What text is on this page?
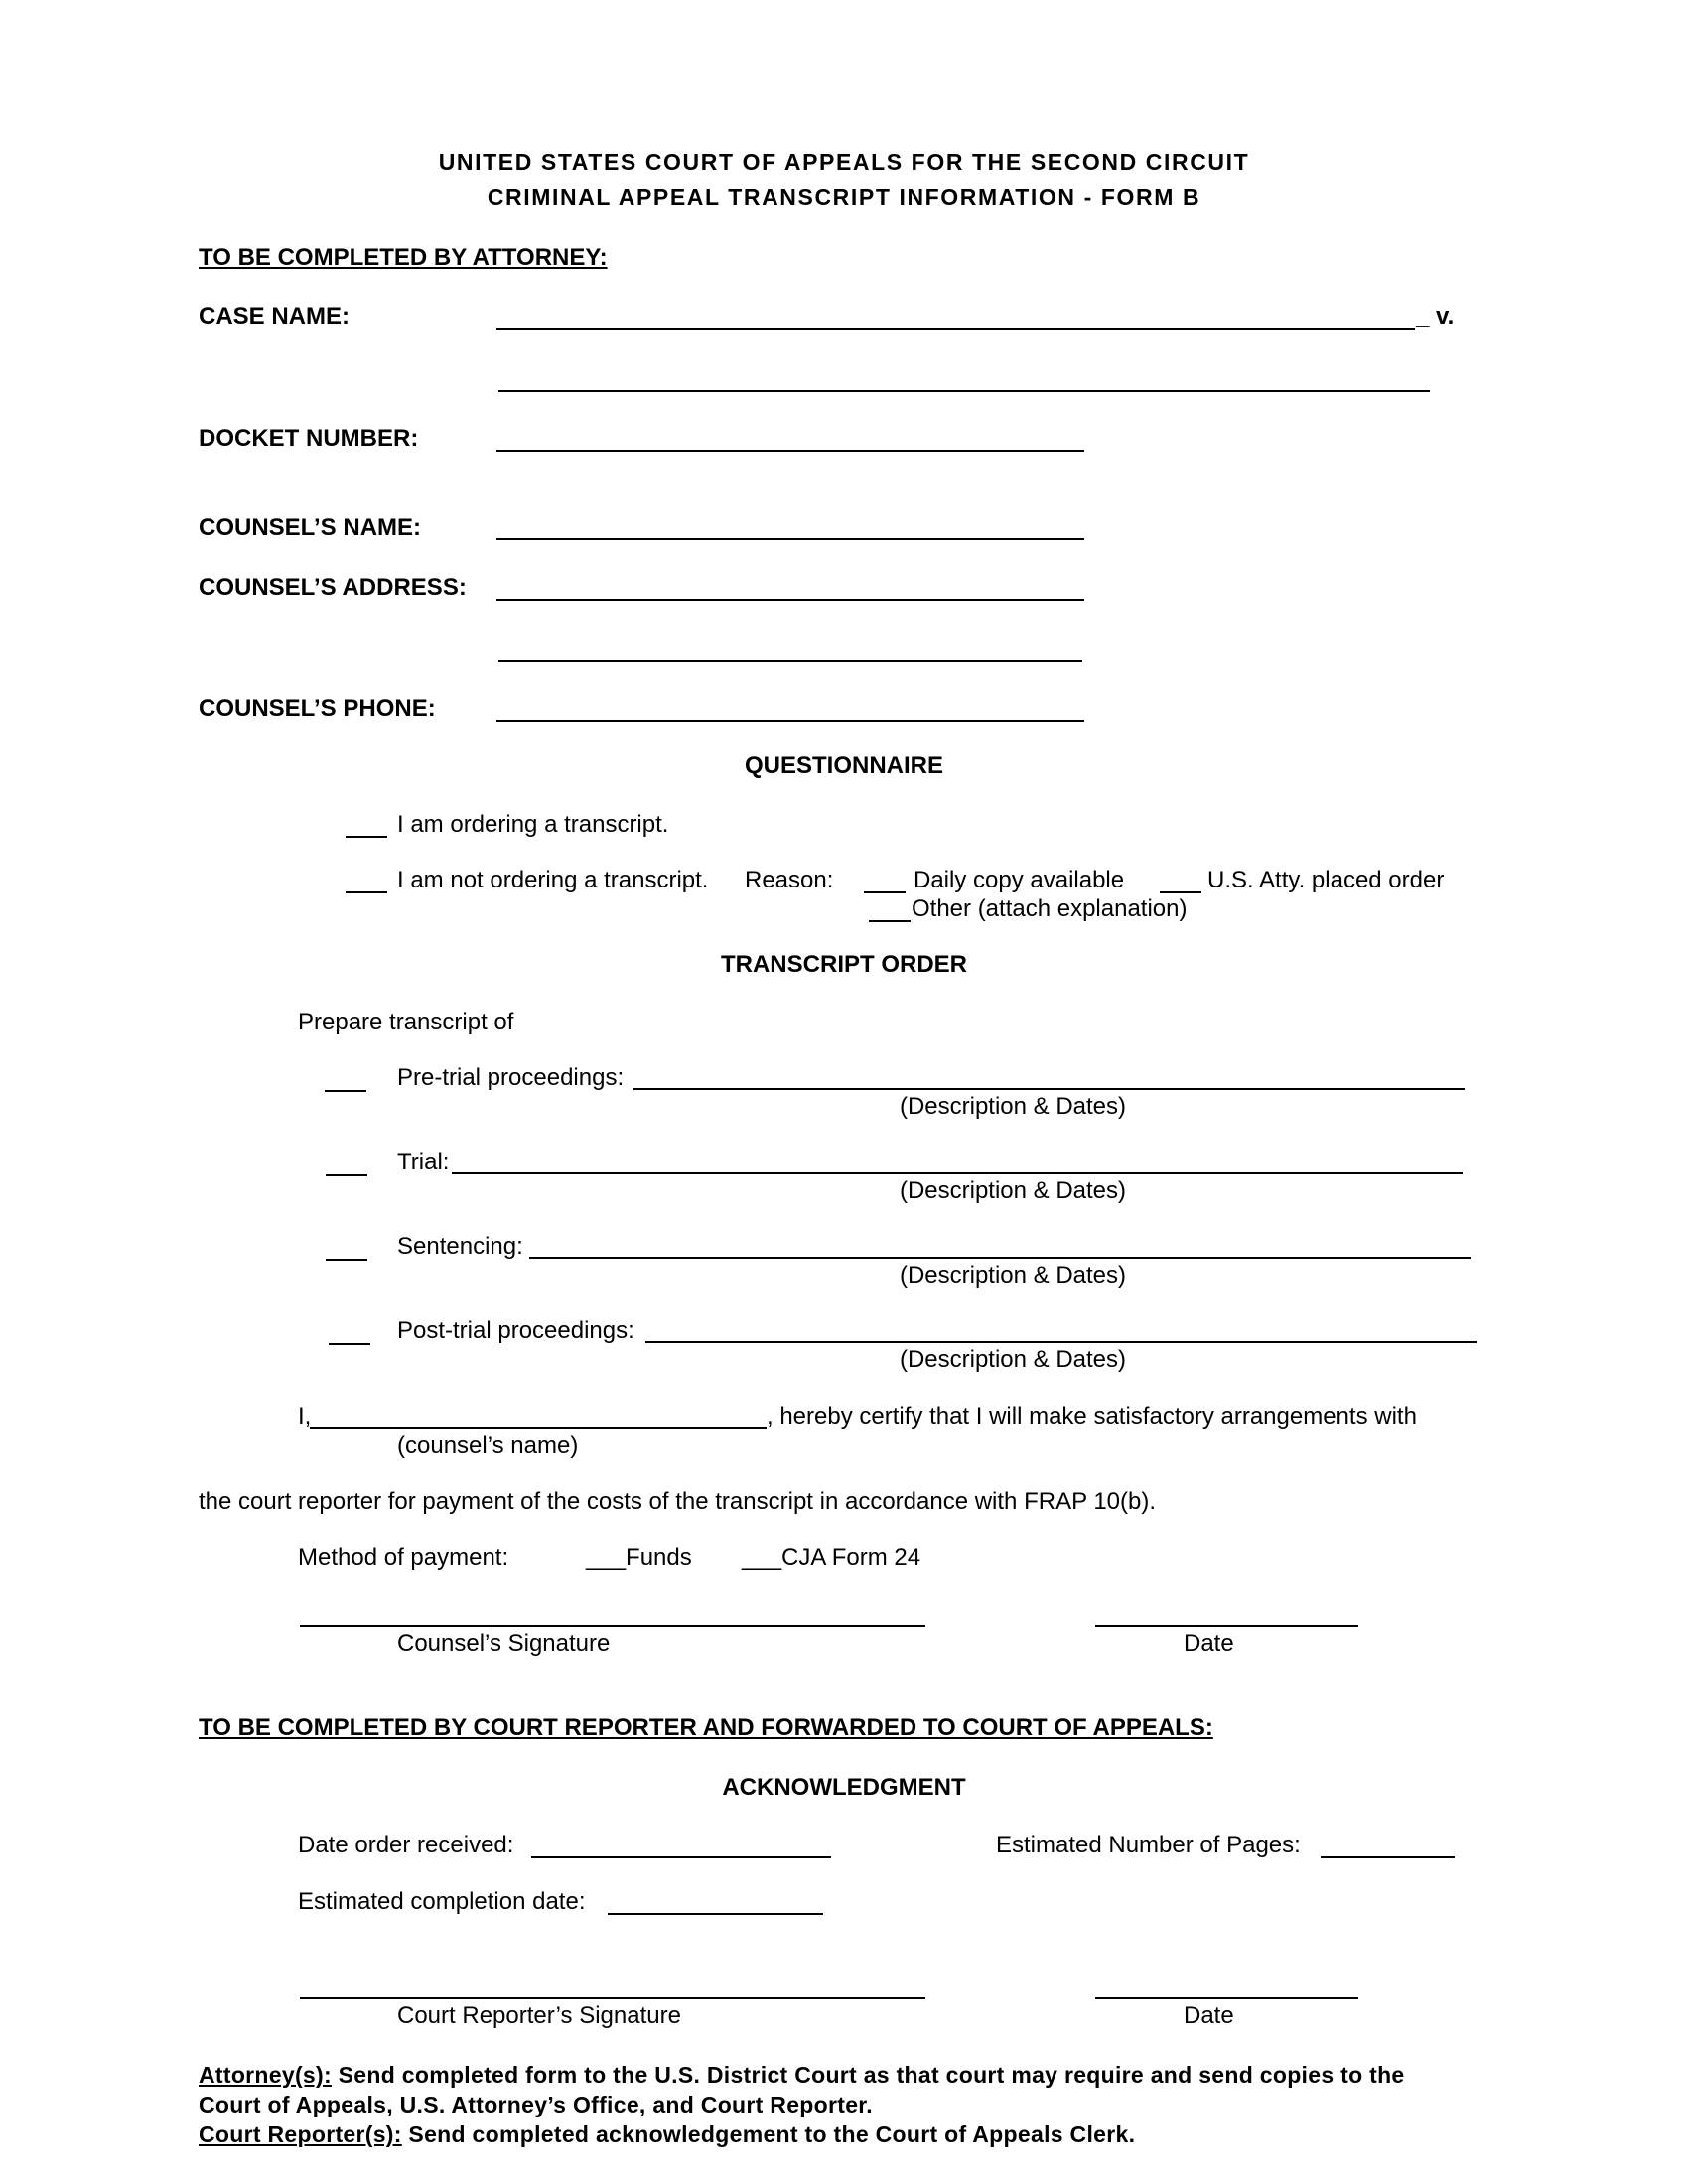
UNITED STATES COURT OF APPEALS FOR THE SECOND CIRCUIT
CRIMINAL APPEAL TRANSCRIPT INFORMATION - FORM B
TO BE COMPLETED BY ATTORNEY:
CASE NAME:	_ v.
DOCKET NUMBER:
COUNSEL’S NAME:
COUNSEL’S ADDRESS:
COUNSEL’S PHONE:
QUESTIONNAIRE
I am ordering a transcript.
I am not ordering a transcript. Reason:	Daily copy available	U.S. Atty. placed order
Other (attach explanation)
TRANSCRIPT ORDER
Prepare transcript of
Pre-trial proceedings:
(Description & Dates)
Trial:
(Description & Dates)
Sentencing:
(Description & Dates)
Post-trial proceedings:
(Description & Dates)
I,	, hereby certify that I will make satisfactory arrangements with
(counsel’s name)
the court reporter for payment of the costs of the transcript in accordance with FRAP 10(b).
Method of payment:	___Funds ___CJA Form 24
Counsel’s Signature	Date
TO BE COMPLETED BY COURT REPORTER AND FORWARDED TO COURT OF APPEALS:
ACKNOWLEDGMENT
Date order received:	Estimated Number of Pages:
Estimated completion date:
Court Reporter’s Signature	Date
Attorney(s): Send completed form to the U.S. District Court as that court may require and send copies to the
Court of Appeals, U.S. Attorney’s Office, and Court Reporter.
Court Reporter(s): Send completed acknowledgement to the Court of Appeals Clerk.
